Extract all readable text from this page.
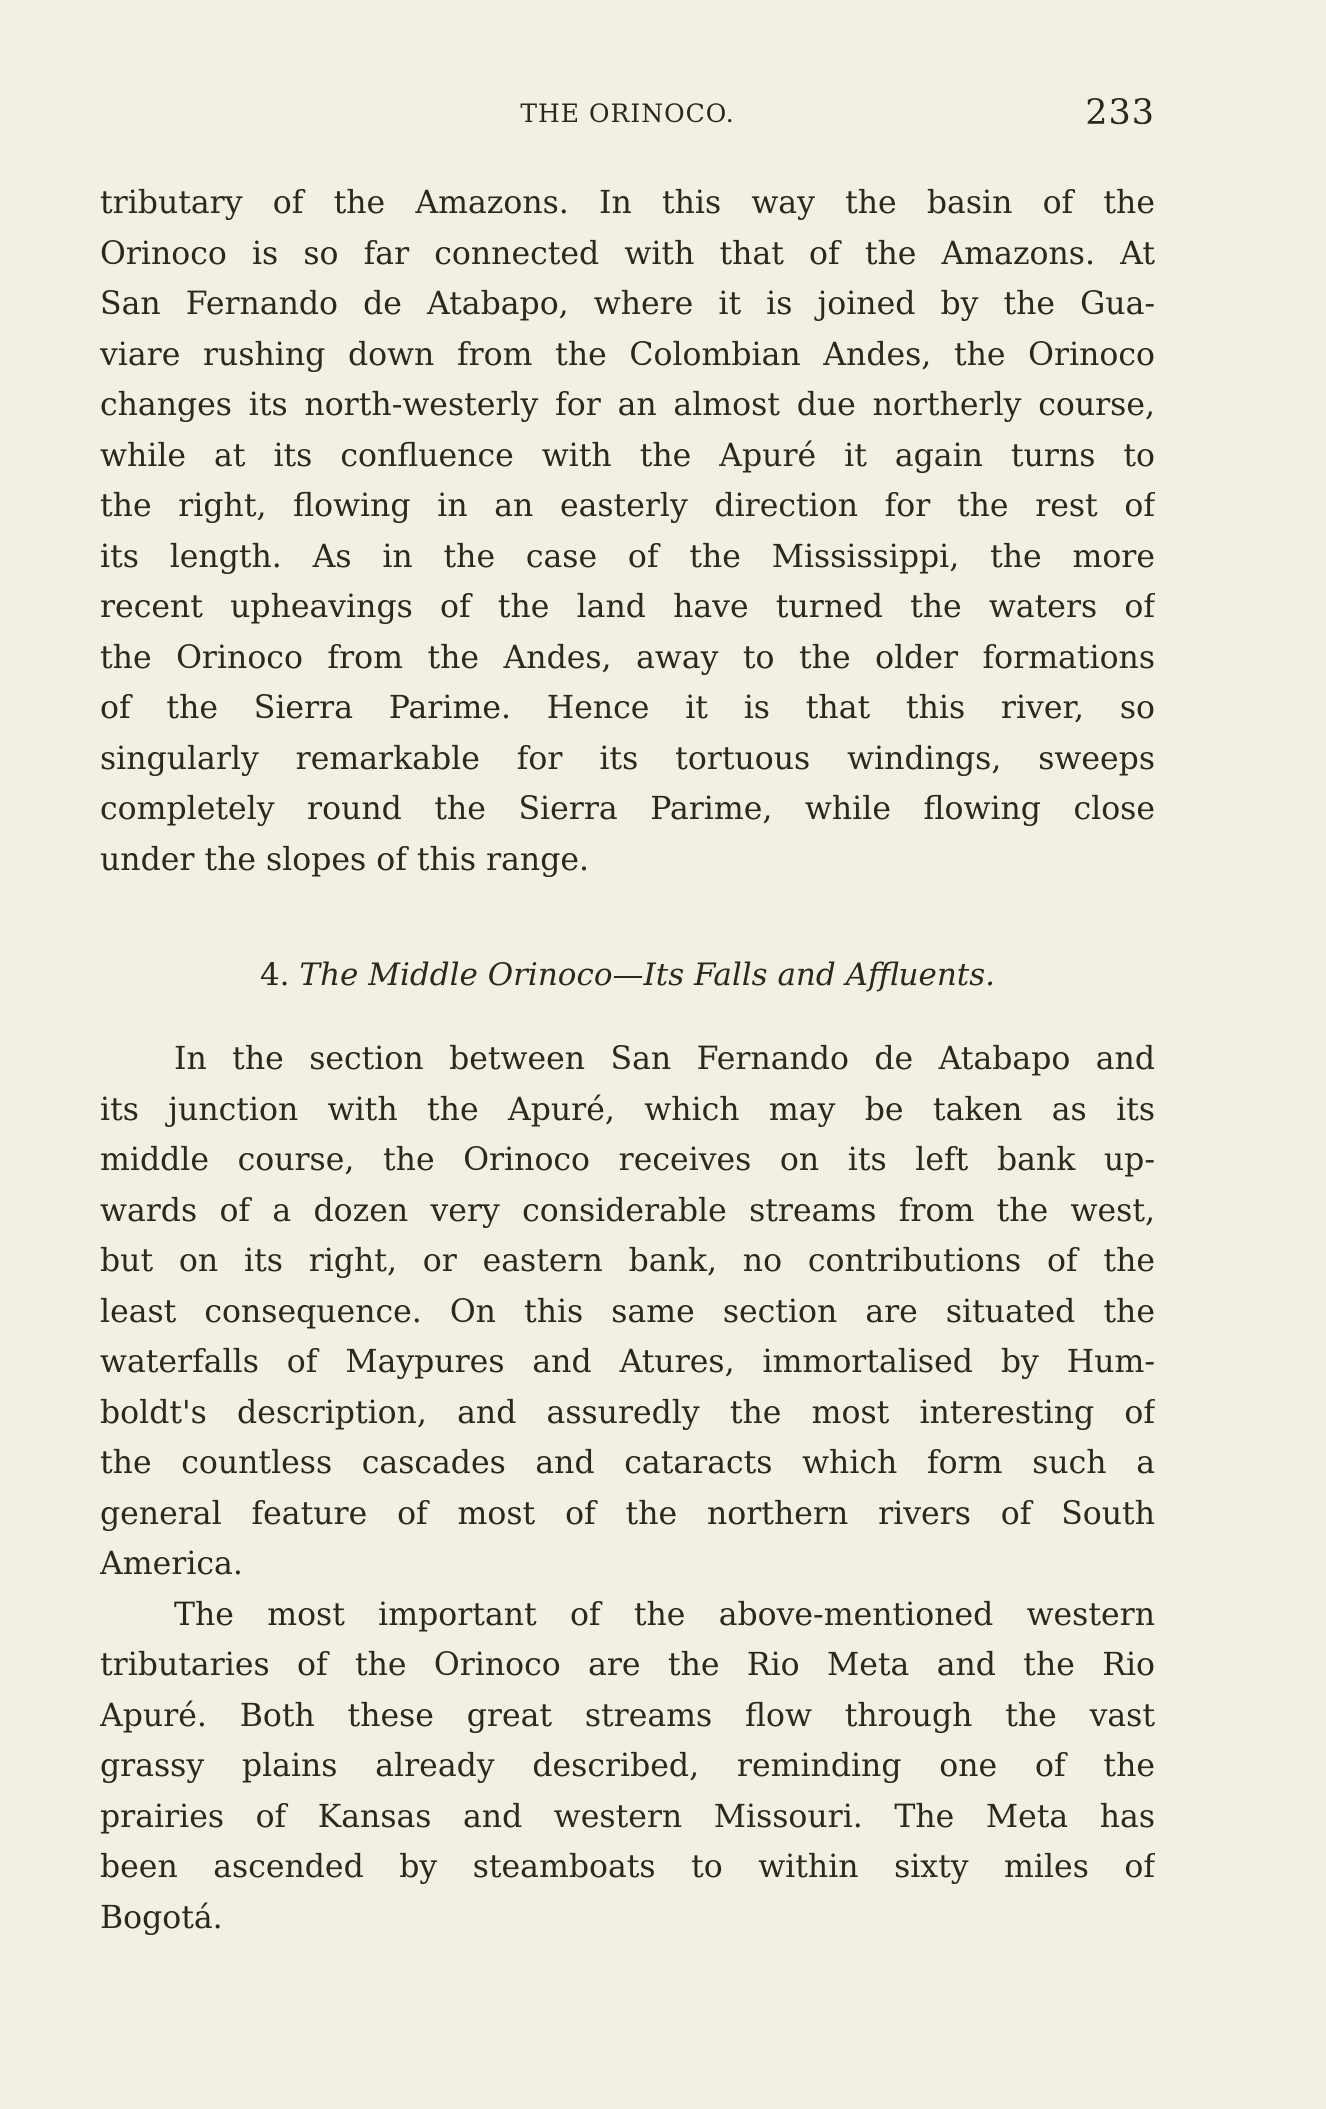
THE ORINOCO.	233
tributary of the Amazons. In this way the basin of the
Orinoco is so far connected with that of the Amazons. At
San Fernando de Atabapo, where it is joined by the Gua-
viare rushing down from the Colombian Andes, the Orinoco
changes its north-westerly for an almost due northerly course,
while at its confluence with the Apuré it again turns to
the right, flowing in an easterly direction for the rest of
its length. As in the case of the Mississippi, the more
recent upheavings of the land have turned the waters of
the Orinoco from the Andes, away to the older formations
of the Sierra Parime. Hence it is that this river, so
singularly remarkable for its tortuous windings, sweeps
completely round the Sierra Parime, while flowing close
under the slopes of this range.
4. The Middle Orinoco—Its Falls and Affluents.
In the section between San Fernando de Atabapo and
its junction with the Apuré, which may be taken as its
middle course, the Orinoco receives on its left bank up-
wards of a dozen very considerable streams from the west,
but on its right, or eastern bank, no contributions of the
least consequence. On this same section are situated the
waterfalls of Maypures and Atures, immortalised by Hum-
boldt's description, and assuredly the most interesting of
the countless cascades and cataracts which form such a
general feature of most of the northern rivers of South
America.
The most important of the above-mentioned western
tributaries of the Orinoco are the Rio Meta and the Rio
Apuré. Both these great streams flow through the vast
grassy plains already described, reminding one of the
prairies of Kansas and western Missouri. The Meta has
been ascended by steamboats to within sixty miles of
Bogotá.
